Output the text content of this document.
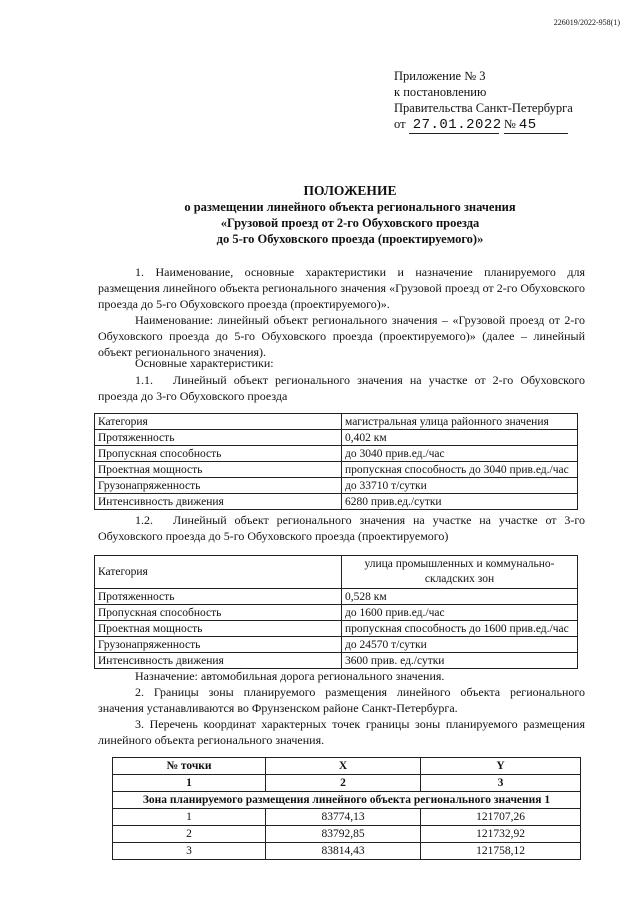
226019/2022-958(1)
Приложение № 3
к постановлению
Правительства Санкт-Петербурга
от 27.01.2022 № 45
ПОЛОЖЕНИЕ
о размещении линейного объекта регионального значения
«Грузовой проезд от 2-го Обуховского проезда
до 5-го Обуховского проезда (проектируемого)»
1. Наименование, основные характеристики и назначение планируемого для размещения линейного объекта регионального значения «Грузовой проезд от 2-го Обуховского проезда до 5-го Обуховского проезда (проектируемого)».
Наименование: линейный объект регионального значения – «Грузовой проезд от 2-го Обуховского проезда до 5-го Обуховского проезда (проектируемого)» (далее – линейный объект регионального значения).
Основные характеристики:
1.1. Линейный объект регионального значения на участке от 2-го Обуховского проезда до 3-го Обуховского проезда
Категория	магистральная улица районного значения
Протяженность	0,402 км
Пропускная способность	до 3040 прив.ед./час
Проектная мощность	пропускная способность до 3040 прив.ед./час
Грузонапряженность	до 33710 т/сутки
Интенсивность движения	6280 прив.ед./сутки
1.2. Линейный объект регионального значения на участке на участке от 3-го Обуховского проезда до 5-го Обуховского проезда (проектируемого)
Категория	улица промышленных и коммунально-складских зон
Протяженность	0,528 км
Пропускная способность	до 1600 прив.ед./час
Проектная мощность	пропускная способность до 1600 прив.ед./час
Грузонапряженность	до 24570 т/сутки
Интенсивность движения	3600 прив. ед./сутки
Назначение: автомобильная дорога регионального значения.
2. Границы зоны планируемого размещения линейного объекта регионального значения устанавливаются во Фрунзенском районе Санкт-Петербурга.
3. Перечень координат характерных точек границы зоны планируемого размещения линейного объекта регионального значения.
№ точки	X	Y
1	2	3
Зона планируемого размещения линейного объекта регионального значения 1		
1	83774,13	121707,26
2	83792,85	121732,92
3	83814,43	121758,12
